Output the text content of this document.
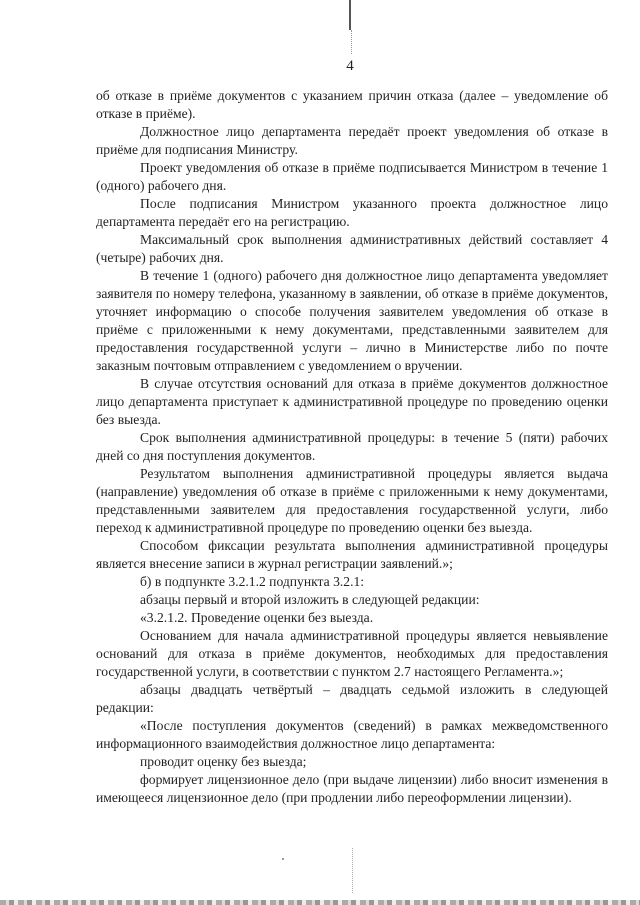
4

об отказе в приёме документов с указанием причин отказа (далее – уведомление об отказе в приёме).

Должностное лицо департамента передаёт проект уведомления об отказе в приёме для подписания Министру.

Проект уведомления об отказе в приёме подписывается Министром в течение 1 (одного) рабочего дня.

После подписания Министром указанного проекта должностное лицо департамента передаёт его на регистрацию.

Максимальный срок выполнения административных действий составляет 4 (четыре) рабочих дня.

В течение 1 (одного) рабочего дня должностное лицо департамента уведомляет заявителя по номеру телефона, указанному в заявлении, об отказе в приёме документов, уточняет информацию о способе получения заявителем уведомления об отказе в приёме с приложенными к нему документами, представленными заявителем для предоставления государственной услуги – лично в Министерстве либо по почте заказным почтовым отправлением с уведомлением о вручении.

В случае отсутствия оснований для отказа в приёме документов должностное лицо департамента приступает к административной процедуре по проведению оценки без выезда.

Срок выполнения административной процедуры: в течение 5 (пяти) рабочих дней со дня поступления документов.

Результатом выполнения административной процедуры является выдача (направление) уведомления об отказе в приёме с приложенными к нему документами, представленными заявителем для предоставления государственной услуги, либо переход к административной процедуре по проведению оценки без выезда.

Способом фиксации результата выполнения административной процедуры является внесение записи в журнал регистрации заявлений.»;

б) в подпункте 3.2.1.2 подпункта 3.2.1:

абзацы первый и второй изложить в следующей редакции:

«3.2.1.2. Проведение оценки без выезда.

Основанием для начала административной процедуры является невыявление оснований для отказа в приёме документов, необходимых для предоставления государственной услуги, в соответствии с пунктом 2.7 настоящего Регламента.»;

абзацы двадцать четвёртый – двадцать седьмой изложить в следующей редакции:

«После поступления документов (сведений) в рамках межведомственного информационного взаимодействия должностное лицо департамента:

проводит оценку без выезда;

формирует лицензионное дело (при выдаче лицензии) либо вносит изменения в имеющееся лицензионное дело (при продлении либо переоформлении лицензии).
